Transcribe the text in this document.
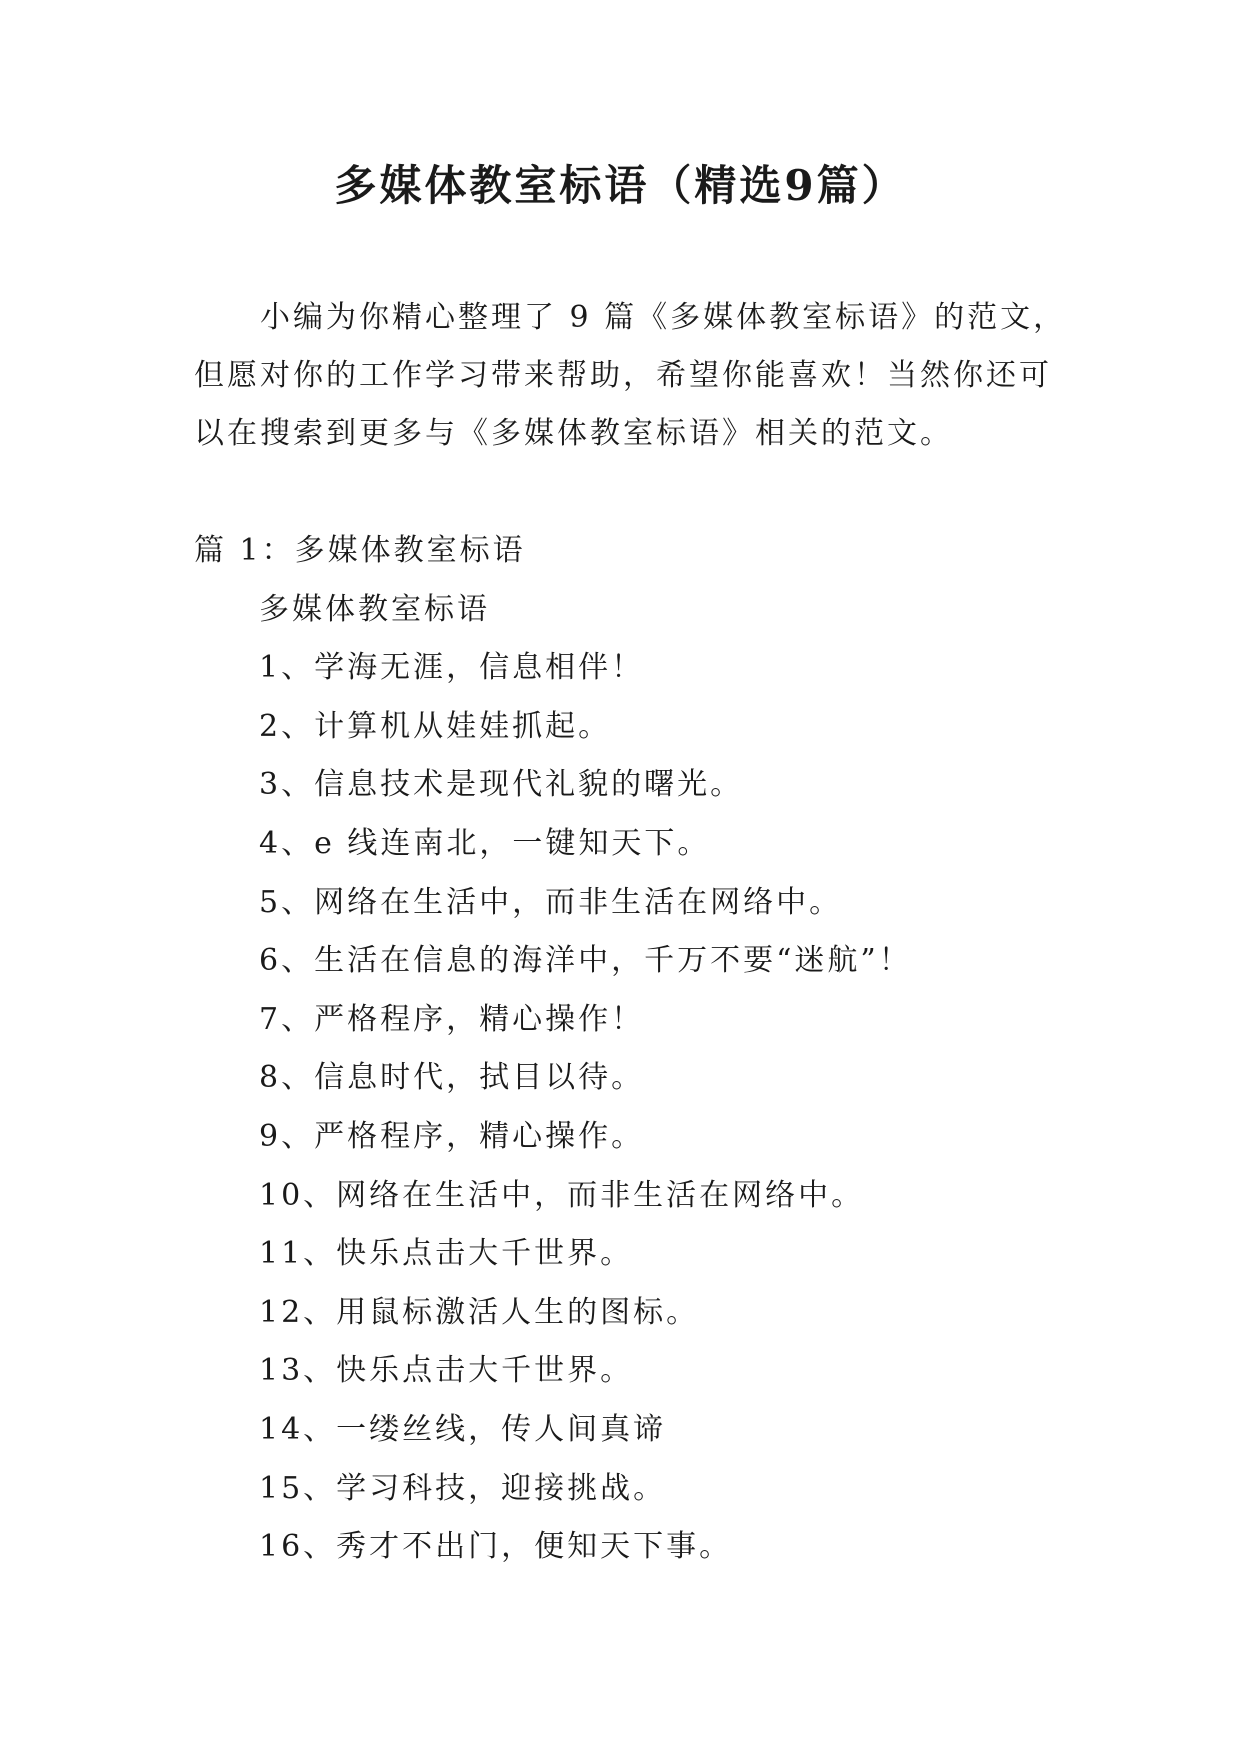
多媒体教室标语（精选9篇）
小编为你精心整理了 9 篇《多媒体教室标语》的范文，
但愿对你的工作学习带来帮助，希望你能喜欢！当然你还可
以在搜索到更多与《多媒体教室标语》相关的范文。
篇 1：多媒体教室标语
多媒体教室标语
1、学海无涯，信息相伴！
2、计算机从娃娃抓起。
3、信息技术是现代礼貌的曙光。
4、e 线连南北，一键知天下。
5、网络在生活中，而非生活在网络中。
6、生活在信息的海洋中，千万不要“迷航”！
7、严格程序，精心操作！
8、信息时代，拭目以待。
9、严格程序，精心操作。
10、网络在生活中，而非生活在网络中。
11、快乐点击大千世界。
12、用鼠标激活人生的图标。
13、快乐点击大千世界。
14、一缕丝线，传人间真谛
15、学习科技，迎接挑战。
16、秀才不出门，便知天下事。
